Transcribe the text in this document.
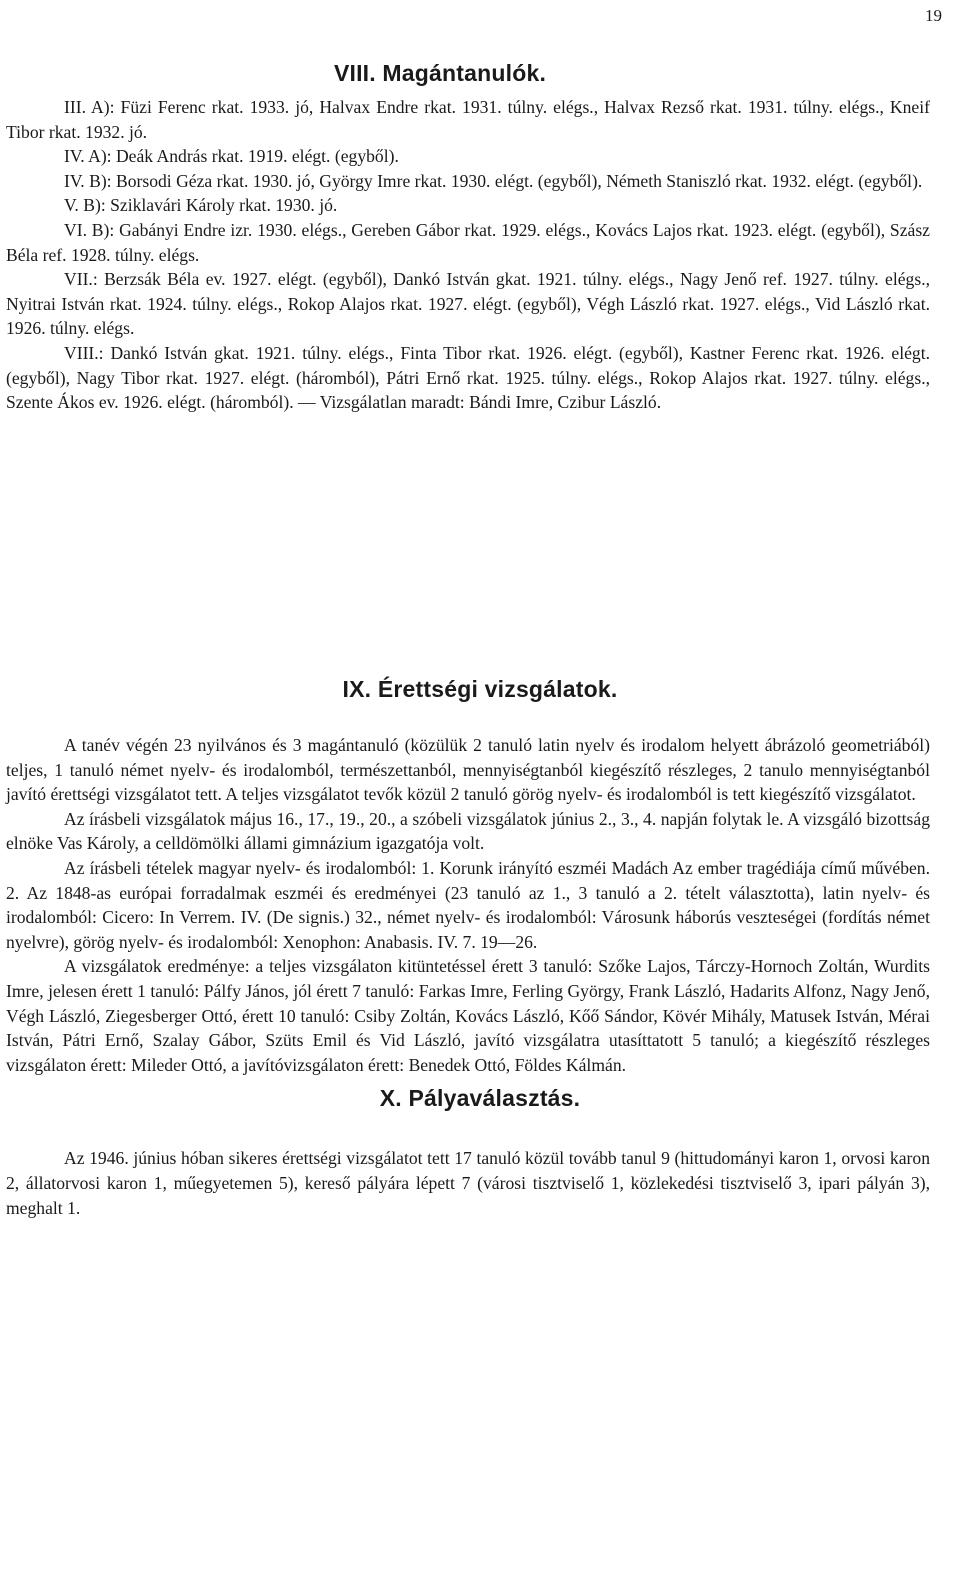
19
VIII. Magántanulók.

III. A): Füzi Ferenc rkat. 1933. jó, Halvax Endre rkat. 1931. túlny. elégs., Halvax Rezső rkat. 1931. túlny. elégs., Kneif Tibor rkat. 1932. jó.

IV. A): Deák András rkat. 1919. elégt. (egyből).

IV. B): Borsodi Géza rkat. 1930. jó, György Imre rkat. 1930. elégt. (egyből), Németh Staniszló rkat. 1932. elégt. (egyből).

V. B): Sziklavári Károly rkat. 1930. jó.

VI. B): Gabányi Endre izr. 1930. elégs., Gereben Gábor rkat. 1929. elégs., Kovács Lajos rkat. 1923. elégt. (egyből), Szász Béla ref. 1928. túlny. elégs.

VII.: Berzsák Béla ev. 1927. elégt. (egyből), Dankó István gkat. 1921. túlny. elégs., Nagy Jenő ref. 1927. túlny. elégs., Nyitrai István rkat. 1924. túlny. elégs., Rokop Alajos rkat. 1927. elégt. (egyből), Végh László rkat. 1927. elégs., Vid László rkat. 1926. túlny. elégs.

VIII.: Dankó István gkat. 1921. túlny. elégs., Finta Tibor rkat. 1926. elégt. (egyből), Kastner Ferenc rkat. 1926. elégt. (egyből), Nagy Tibor rkat. 1927. elégt. (háromból), Pátri Ernő rkat. 1925. túlny. elégs., Rokop Alajos rkat. 1927. túlny. elégs., Szente Ákos ev. 1926. elégt. (háromból). — Vizsgálatlan maradt: Bándi Imre, Czibur László.

IX. Érettségi vizsgálatok.

A tanév végén 23 nyilvános és 3 magántanuló (közülük 2 tanuló latin nyelv és irodalom helyett ábrázoló geometriából) teljes, 1 tanuló német nyelv- és irodalomból, természettanból, mennyiségtanból kiegészítő részleges, 2 tanulo mennyiségtanból javító érettségi vizsgálatot tett. A teljes vizsgálatot tevők közül 2 tanuló görög nyelv- és irodalomból is tett kiegészítő vizsgálatot.

Az írásbeli vizsgálatok május 16., 17., 19., 20., a szóbeli vizsgálatok június 2., 3., 4. napján folytak le. A vizsgáló bizottság elnöke Vas Károly, a celldömölki állami gimnázium igazgatója volt.

Az írásbeli tételek magyar nyelv- és irodalomból: 1. Korunk irányító eszméi Madách Az ember tragédiája című művében. 2. Az 1848-as európai forradalmak eszméi és eredményei (23 tanuló az 1., 3 tanuló a 2. tételt választotta), latin nyelv- és irodalomból: Cicero: In Verrem. IV. (De signis.) 32., német nyelv- és irodalomból: Városunk háborús veszteségei (fordítás német nyelvre), görög nyelv- és irodalomból: Xenophon: Anabasis. IV. 7. 19—26.

A vizsgálatok eredménye: a teljes vizsgálaton kitüntetéssel érett 3 tanuló: Szőke Lajos, Tárczy-Hornoch Zoltán, Wurdits Imre, jelesen érett 1 tanuló: Pálfy János, jól érett 7 tanuló: Farkas Imre, Ferling György, Frank László, Hadarits Alfonz, Nagy Jenő, Végh László, Ziegesberger Ottó, érett 10 tanuló: Csiby Zoltán, Kovács László, Kőő Sándor, Kövér Mihály, Matusek István, Mérai István, Pátri Ernő, Szalay Gábor, Szüts Emil és Vid László, javító vizsgálatra utasíttatott 5 tanuló; a kiegészítő részleges vizsgálaton érett: Mileder Ottó, a javítóvizsgálaton érett: Benedek Ottó, Földes Kálmán.

X. Pályaválasztás.

Az 1946. június hóban sikeres érettségi vizsgálatot tett 17 tanuló közül tovább tanul 9 (hittudományi karon 1, orvosi karon 2, állatorvosi karon 1, műegyetemen 5), kereső pályára lépett 7 (városi tisztviselő 1, közlekedési tisztviselő 3, ipari pályán 3), meghalt 1.
